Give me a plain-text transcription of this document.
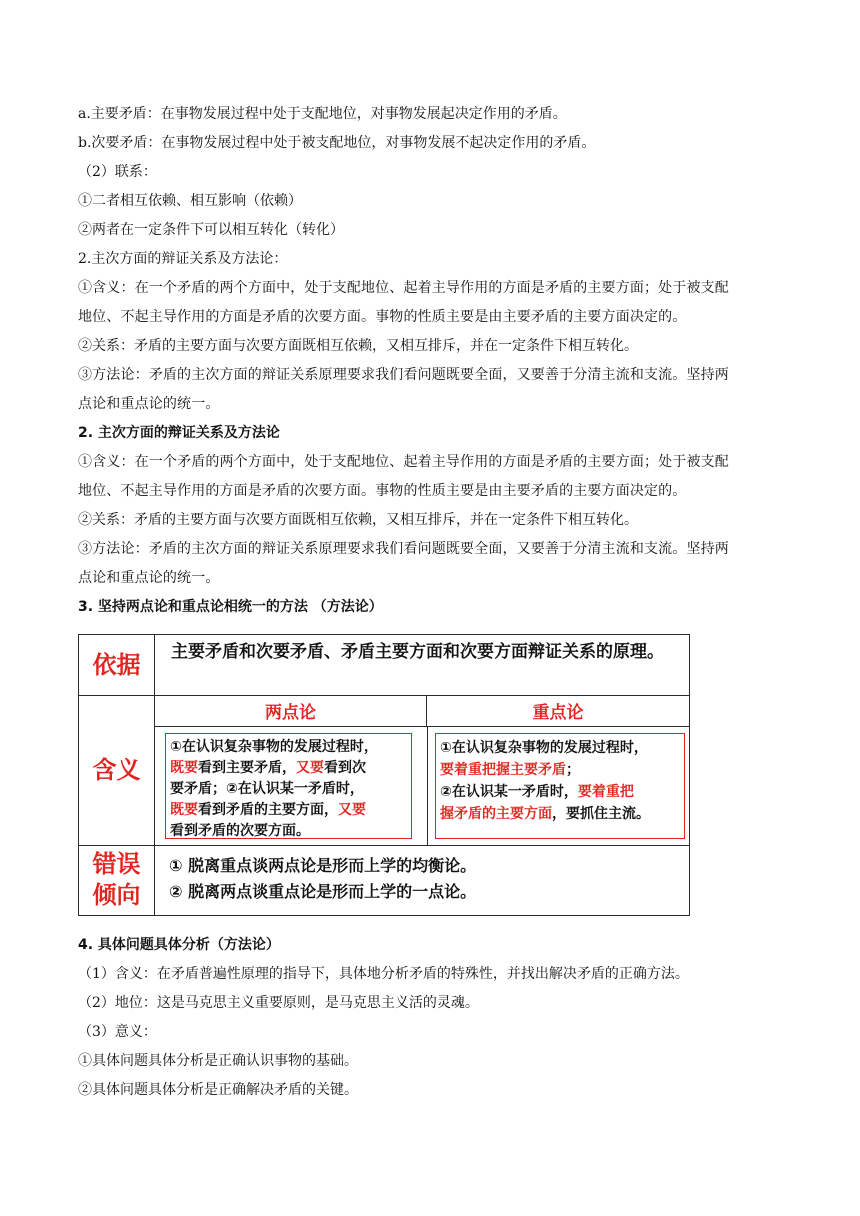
a.主要矛盾：在事物发展过程中处于支配地位，对事物发展起决定作用的矛盾。
b.次要矛盾：在事物发展过程中处于被支配地位，对事物发展不起决定作用的矛盾。
（2）联系：
①二者相互依赖、相互影响（依赖）
②两者在一定条件下可以相互转化（转化）
2.主次方面的辩证关系及方法论：
①含义：在一个矛盾的两个方面中，处于支配地位、起着主导作用的方面是矛盾的主要方面；处于被支配
地位、不起主导作用的方面是矛盾的次要方面。事物的性质主要是由主要矛盾的主要方面决定的。
②关系：矛盾的主要方面与次要方面既相互依赖，又相互排斥，并在一定条件下相互转化。
③方法论：矛盾的主次方面的辩证关系原理要求我们看问题既要全面，又要善于分清主流和支流。坚持两
点论和重点论的统一。
2. 主次方面的辩证关系及方法论
①含义：在一个矛盾的两个方面中，处于支配地位、起着主导作用的方面是矛盾的主要方面；处于被支配
地位、不起主导作用的方面是矛盾的次要方面。事物的性质主要是由主要矛盾的主要方面决定的。
②关系：矛盾的主要方面与次要方面既相互依赖，又相互排斥，并在一定条件下相互转化。
③方法论：矛盾的主次方面的辩证关系原理要求我们看问题既要全面，又要善于分清主流和支流。坚持两
点论和重点论的统一。
3. 坚持两点论和重点论相统一的方法 （方法论）
依据	主要矛盾和次要矛盾、矛盾主要方面和次要方面辩证关系的原理。
含义
两点论	重点论
①在认识复杂事物的发展过程时，
既要看到主要矛盾，又要看到次
要矛盾；②在认识某一矛盾时，
既要看到矛盾的主要方面，又要
看到矛盾的次要方面。
①在认识复杂事物的发展过程时，
要着重把握主要矛盾；
②在认识某一矛盾时，要着重把
握矛盾的主要方面，要抓住主流。
错误
倾向
① 脱离重点谈两点论是形而上学的均衡论。
② 脱离两点谈重点论是形而上学的一点论。
4. 具体问题具体分析（方法论）
（1）含义：在矛盾普遍性原理的指导下，具体地分析矛盾的特殊性，并找出解决矛盾的正确方法。
（2）地位：这是马克思主义重要原则，是马克思主义活的灵魂。
（3）意义：
①具体问题具体分析是正确认识事物的基础。
②具体问题具体分析是正确解决矛盾的关键。
